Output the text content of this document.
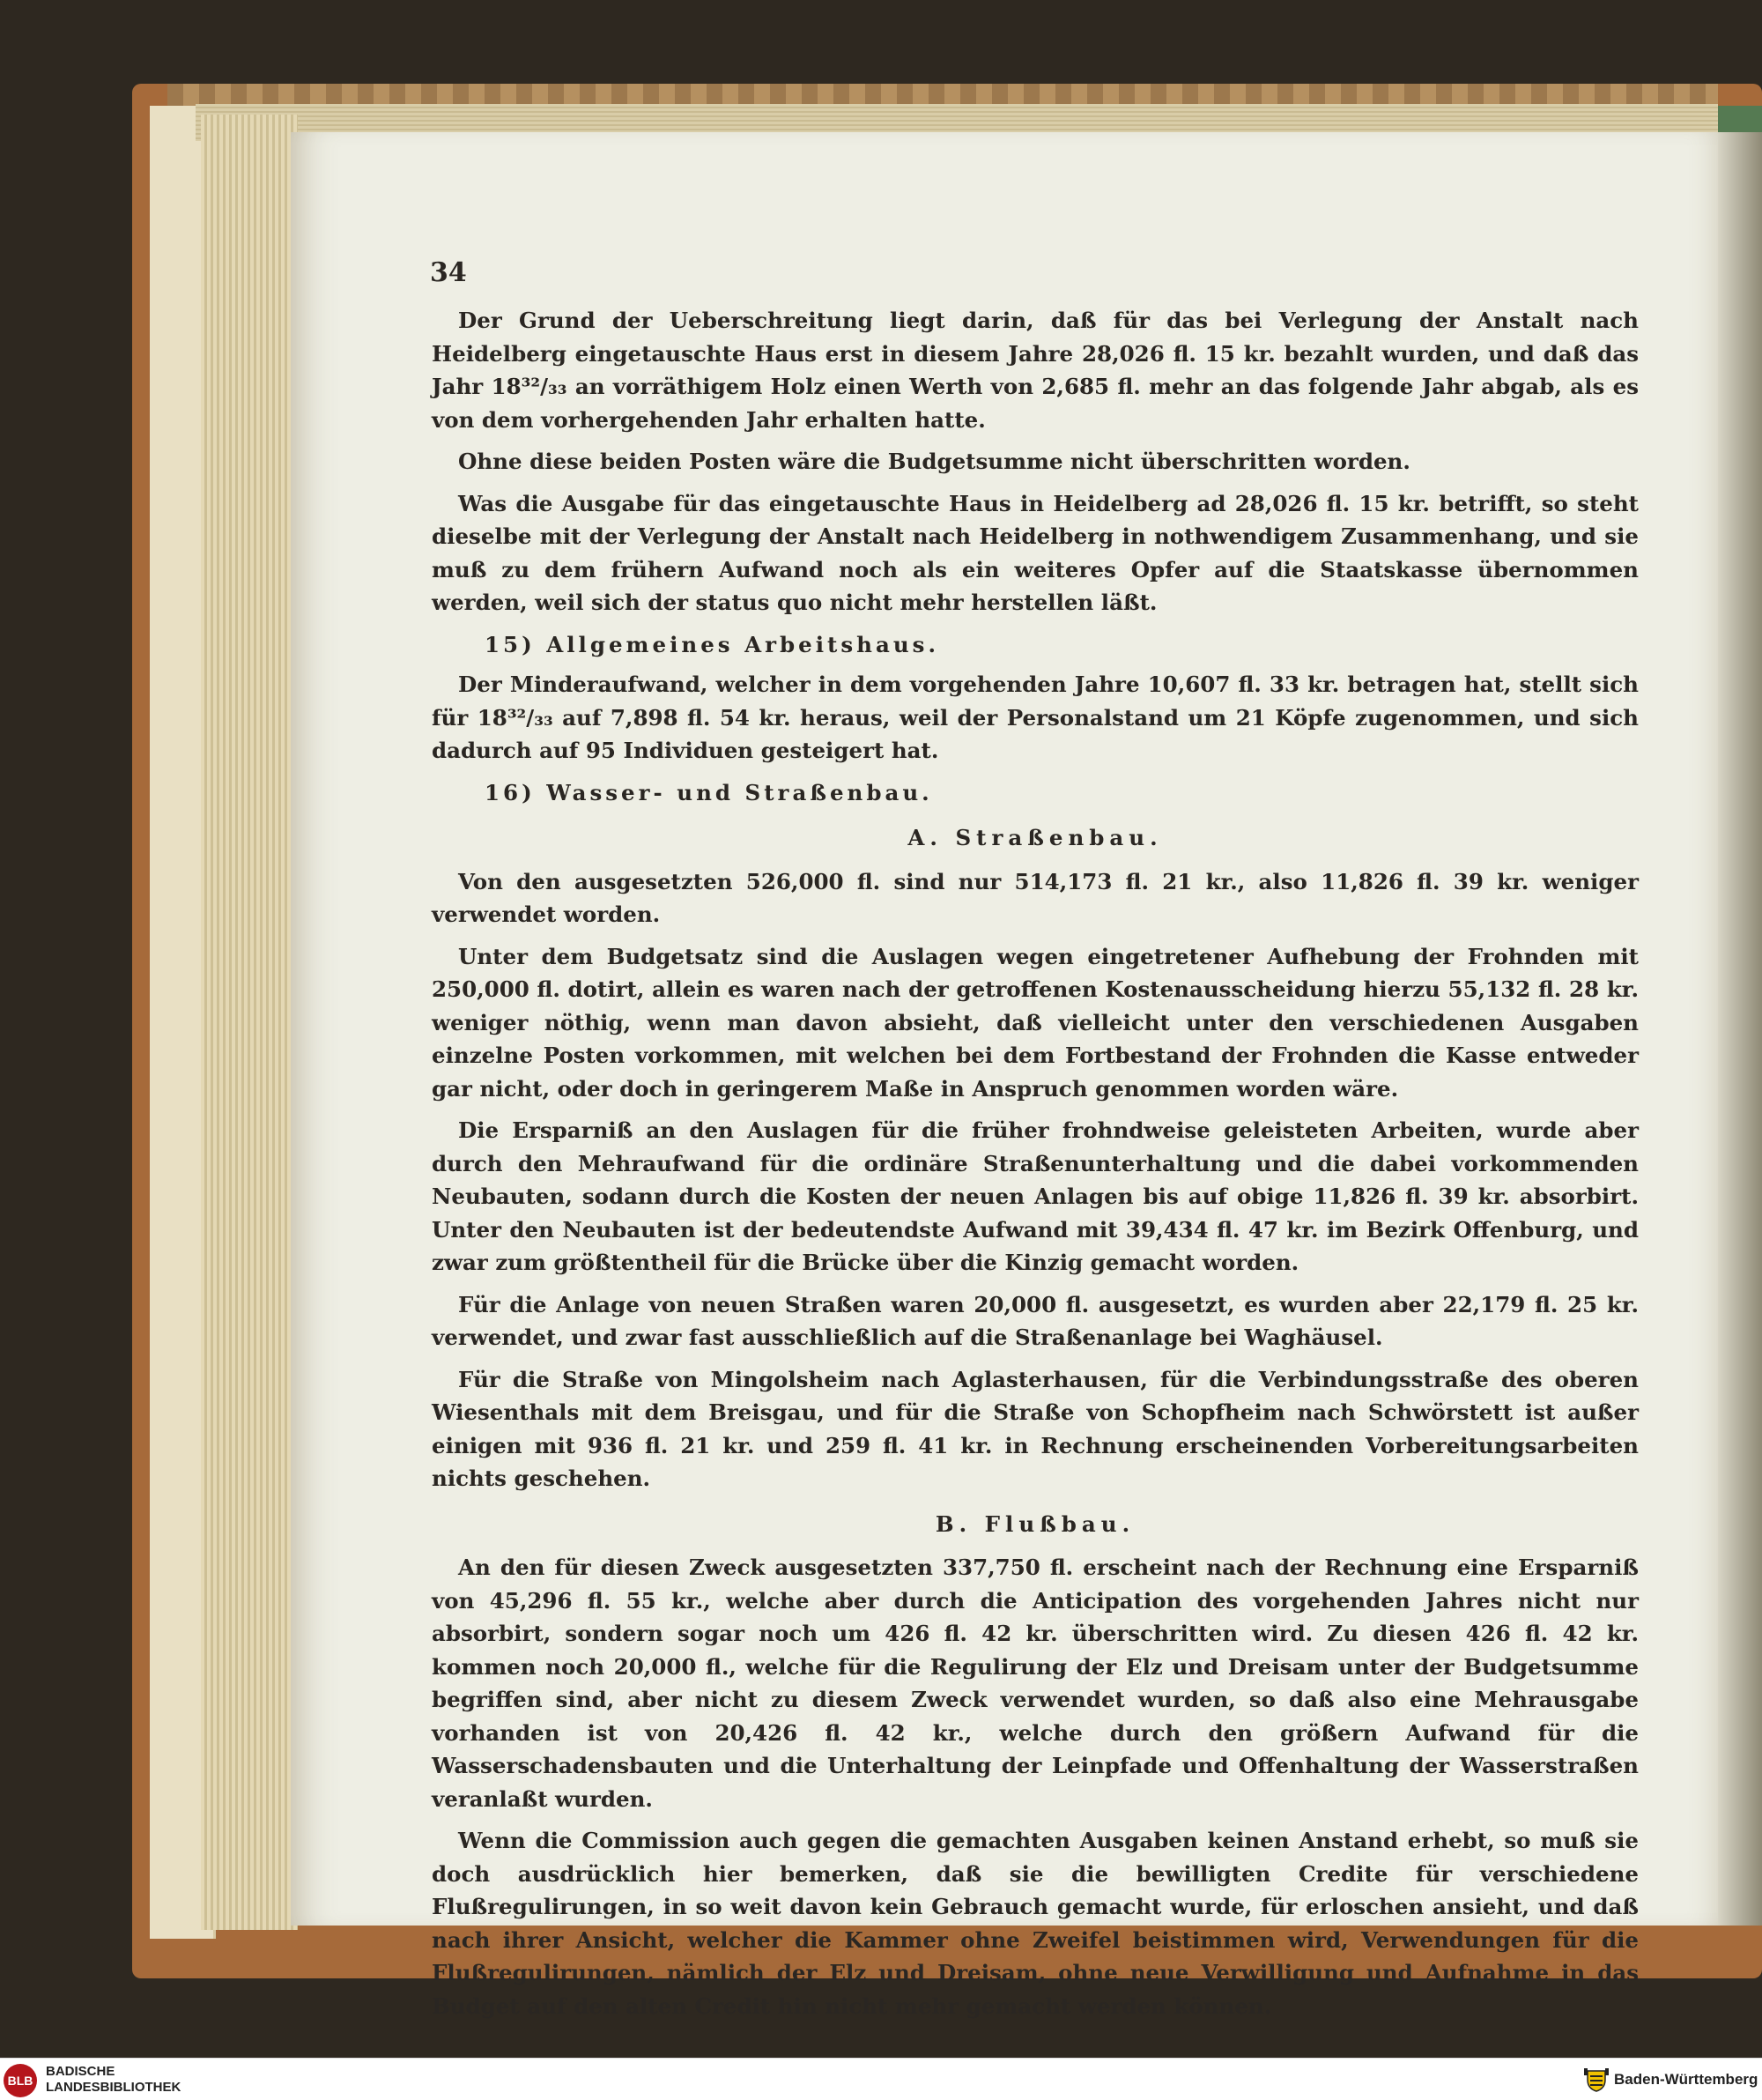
34

Der Grund der Ueberschreitung liegt darin, daß für das bei Verlegung der Anstalt nach Heidelberg eingetauschte Haus erst in diesem Jahre 28,026 fl. 15 kr. bezahlt wurden, und daß das Jahr 18³²/₃₃ an vorräthigem Holz einen Werth von 2,685 fl. mehr an das folgende Jahr abgab, als es von dem vorhergehenden Jahr erhalten hatte.

Ohne diese beiden Posten wäre die Budgetsumme nicht überschritten worden.

Was die Ausgabe für das eingetauschte Haus in Heidelberg ad 28,026 fl. 15 kr. betrifft, so steht dieselbe mit der Verlegung der Anstalt nach Heidelberg in nothwendigem Zusammenhang, und sie muß zu dem frühern Aufwand noch als ein weiteres Opfer auf die Staatskasse übernommen werden, weil sich der status quo nicht mehr herstellen läßt.

15) Allgemeines Arbeitshaus.

Der Minderaufwand, welcher in dem vorgehenden Jahre 10,607 fl. 33 kr. betragen hat, stellt sich für 18³²/₃₃ auf 7,898 fl. 54 kr. heraus, weil der Personalstand um 21 Köpfe zugenommen, und sich dadurch auf 95 Individuen gesteigert hat.

16) Wasser- und Straßenbau.
A. Straßenbau.

Von den ausgesetzten 526,000 fl. sind nur 514,173 fl. 21 kr., also 11,826 fl. 39 kr. weniger verwendet worden.

Unter dem Budgetsatz sind die Auslagen wegen eingetretener Aufhebung der Frohnden mit 250,000 fl. dotirt, allein es waren nach der getroffenen Kostenausscheidung hierzu 55,132 fl. 28 kr. weniger nöthig, wenn man davon absieht, daß vielleicht unter den verschiedenen Ausgaben einzelne Posten vorkommen, mit welchen bei dem Fortbestand der Frohnden die Kasse entweder gar nicht, oder doch in geringerem Maße in Anspruch genommen worden wäre.

Die Ersparniß an den Auslagen für die früher frohndweise geleisteten Arbeiten, wurde aber durch den Mehraufwand für die ordinäre Straßenunterhaltung und die dabei vorkommenden Neubauten, sodann durch die Kosten der neuen Anlagen bis auf obige 11,826 fl. 39 kr. absorbirt. Unter den Neubauten ist der bedeutendste Aufwand mit 39,434 fl. 47 kr. im Bezirk Offenburg, und zwar zum größtentheil für die Brücke über die Kinzig gemacht worden.

Für die Anlage von neuen Straßen waren 20,000 fl. ausgesetzt, es wurden aber 22,179 fl. 25 kr. verwendet, und zwar fast ausschließlich auf die Straßenanlage bei Waghäusel.

Für die Straße von Mingolsheim nach Aglasterhausen, für die Verbindungsstraße des oberen Wiesenthals mit dem Breisgau, und für die Straße von Schopfheim nach Schwörstett ist außer einigen mit 936 fl. 21 kr. und 259 fl. 41 kr. in Rechnung erscheinenden Vorbereitungsarbeiten nichts geschehen.

B. Flußbau.

An den für diesen Zweck ausgesetzten 337,750 fl. erscheint nach der Rechnung eine Ersparniß von 45,296 fl. 55 kr., welche aber durch die Anticipation des vorgehenden Jahres nicht nur absorbirt, sondern sogar noch um 426 fl. 42 kr. überschritten wird. Zu diesen 426 fl. 42 kr. kommen noch 20,000 fl., welche für die Regulirung der Elz und Dreisam unter der Budgetsumme begriffen sind, aber nicht zu diesem Zweck verwendet wurden, so daß also eine Mehrausgabe vorhanden ist von 20,426 fl. 42 kr., welche durch den größern Aufwand für die Wasserschadensbauten und die Unterhaltung der Leinpfade und Offenhaltung der Wasserstraßen veranlaßt wurden.

Wenn die Commission auch gegen die gemachten Ausgaben keinen Anstand erhebt, so muß sie doch ausdrücklich hier bemerken, daß sie die bewilligten Credite für verschiedene Flußregulirungen, in so weit davon kein Gebrauch gemacht wurde, für erloschen ansieht, und daß nach ihrer Ansicht, welcher die Kammer ohne Zweifel beistimmen wird, Verwendungen für die Flußregulirungen, nämlich der Elz und Dreisam, ohne neue Verwilligung und Aufnahme in das Budget auf den alten Credit hin nicht mehr gemacht werden können.

BLB
BADISCHE
LANDESBIBLIOTHEK	Baden-Württemberg
